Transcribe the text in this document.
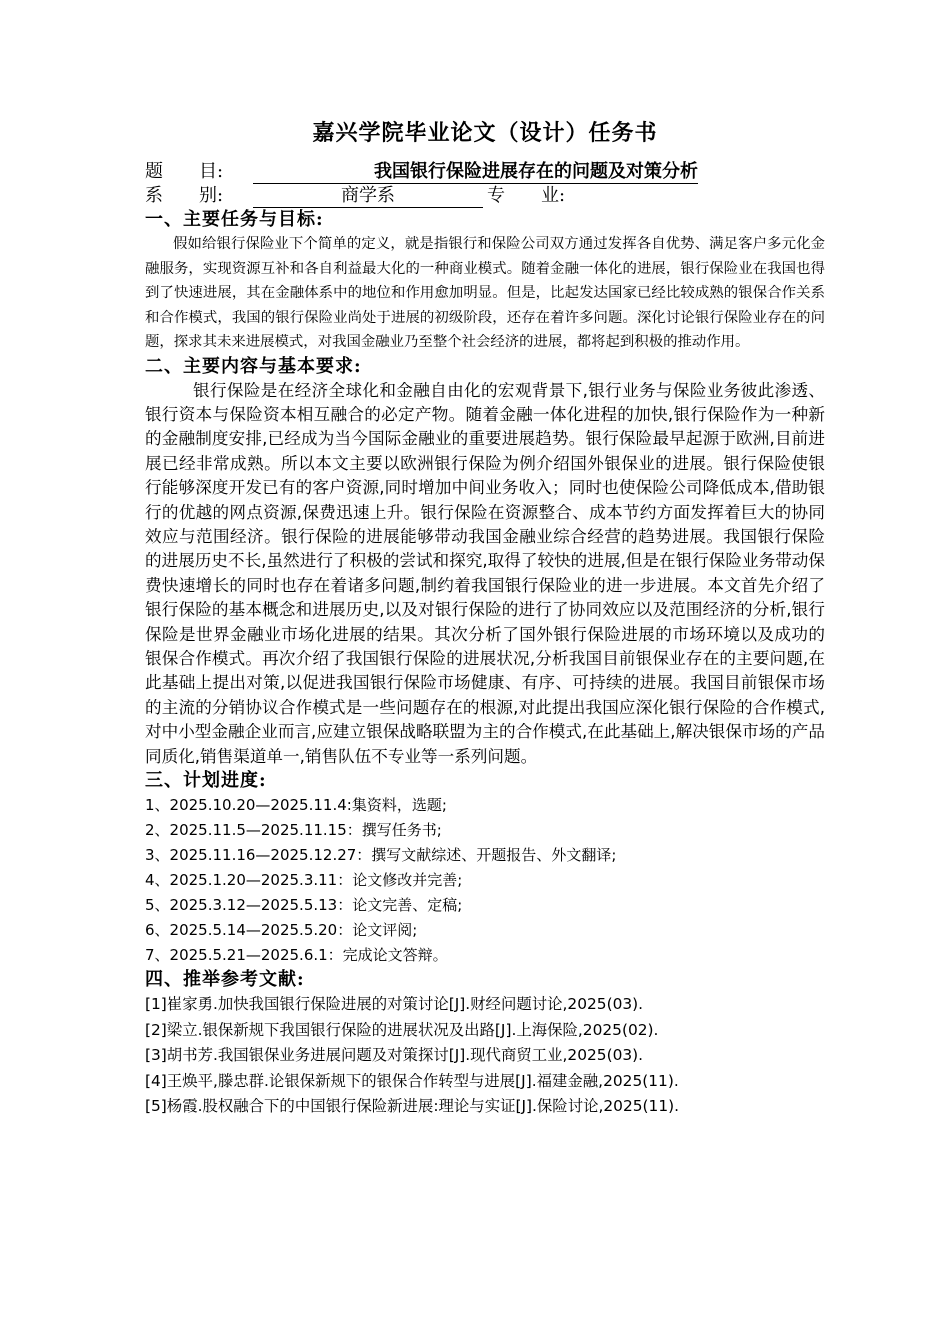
嘉兴学院毕业论文（设计）任务书
题　　目:	我国银行保险进展存在的问题及对策分析
系　　别:	商学系	专　　业:
一、主要任务与目标:

假如给银行保险业下个简单的定义，就是指银行和保险公司双方通过发挥各自优势、满足客户多元化金融服务，实现资源互补和各自利益最大化的一种商业模式。随着金融一体化的进展，银行保险业在我国也得到了快速进展，其在金融体系中的地位和作用愈加明显。但是，比起发达国家已经比较成熟的银保合作关系和合作模式，我国的银行保险业尚处于进展的初级阶段，还存在着许多问题。深化讨论银行保险业存在的问题，探求其未来进展模式，对我国金融业乃至整个社会经济的进展，都将起到积极的推动作用。

二、主要内容与基本要求:

银行保险是在经济全球化和金融自由化的宏观背景下,银行业务与保险业务彼此渗透、银行资本与保险资本相互融合的必定产物。随着金融一体化进程的加快,银行保险作为一种新的金融制度安排,已经成为当今国际金融业的重要进展趋势。银行保险最早起源于欧洲,目前进展已经非常成熟。所以本文主要以欧洲银行保险为例介绍国外银保业的进展。银行保险使银行能够深度开发已有的客户资源,同时增加中间业务收入；同时也使保险公司降低成本,借助银行的优越的网点资源,保费迅速上升。银行保险在资源整合、成本节约方面发挥着巨大的协同效应与范围经济。银行保险的进展能够带动我国金融业综合经营的趋势进展。我国银行保险的进展历史不长,虽然进行了积极的尝试和探究,取得了较快的进展,但是在银行保险业务带动保费快速增长的同时也存在着诸多问题,制约着我国银行保险业的进一步进展。本文首先介绍了银行保险的基本概念和进展历史,以及对银行保险的进行了协同效应以及范围经济的分析,银行保险是世界金融业市场化进展的结果。其次分析了国外银行保险进展的市场环境以及成功的银保合作模式。再次介绍了我国银行保险的进展状况,分析我国目前银保业存在的主要问题,在此基础上提出对策,以促进我国银行保险市场健康、有序、可持续的进展。我国目前银保市场的主流的分销协议合作模式是一些问题存在的根源,对此提出我国应深化银行保险的合作模式,对中小型金融企业而言,应建立银保战略联盟为主的合作模式,在此基础上,解决银保市场的产品同质化,销售渠道单一,销售队伍不专业等一系列问题。

三、计划进度:
1、2025.10.20—2025.11.4:集资料，选题;
2、2025.11.5—2025.11.15：撰写任务书;
3、2025.11.16—2025.12.27：撰写文献综述、开题报告、外文翻译;
4、2025.1.20—2025.3.11：论文修改并完善;
5、2025.3.12—2025.5.13：论文完善、定稿;
6、2025.5.14—2025.5.20：论文评阅;
7、2025.5.21—2025.6.1：完成论文答辩。
四、推举参考文献:
[1]崔家勇.加快我国银行保险进展的对策讨论[J].财经问题讨论,2025(03).
[2]梁立.银保新规下我国银行保险的进展状况及出路[J].上海保险,2025(02).
[3]胡书芳.我国银保业务进展问题及对策探讨[J].现代商贸工业,2025(03).
[4]王焕平,滕忠群.论银保新规下的银保合作转型与进展[J].福建金融,2025(11).
[5]杨霞.股权融合下的中国银行保险新进展:理论与实证[J].保险讨论,2025(11).
